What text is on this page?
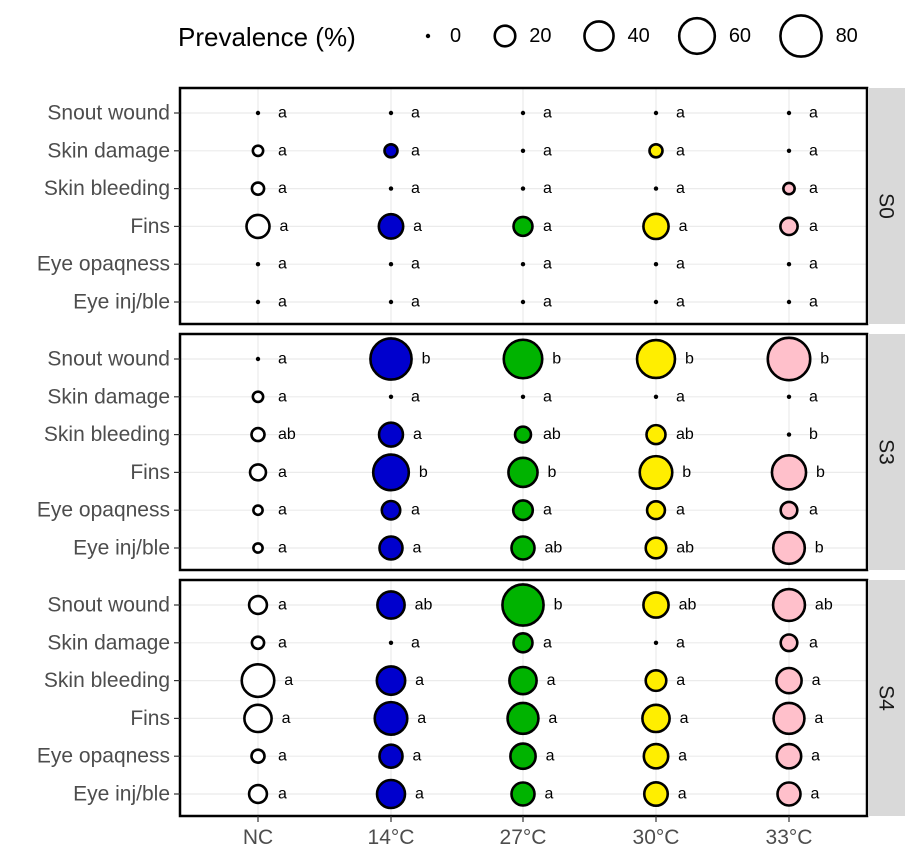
Prevalence (%)	0	20	40	60	80
S0
Snout wound	a	a	a	a	a
Skin damage	a	a	a	a	a
Skin bleeding	a	a	a	a	a
Fins	a	a	a	a	a
Eye opaqness	a	a	a	a	a
Eye inj/ble	a	a	a	a	a
S3
Snout wound	a	b	b	b	b
Skin damage	a	a	a	a	a
Skin bleeding	ab	a	ab	ab	b
Fins	a	b	b	b	b
Eye opaqness	a	a	a	a	a
Eye inj/ble	a	a	ab	ab	b
S4
Snout wound	a	ab	b	ab	ab
Skin damage	a	a	a	a	a
Skin bleeding	a	a	a	a	a
Fins	a	a	a	a	a
Eye opaqness	a	a	a	a	a
Eye inj/ble	a	a	a	a	a
NC	14°C	27°C	30°C	33°C
